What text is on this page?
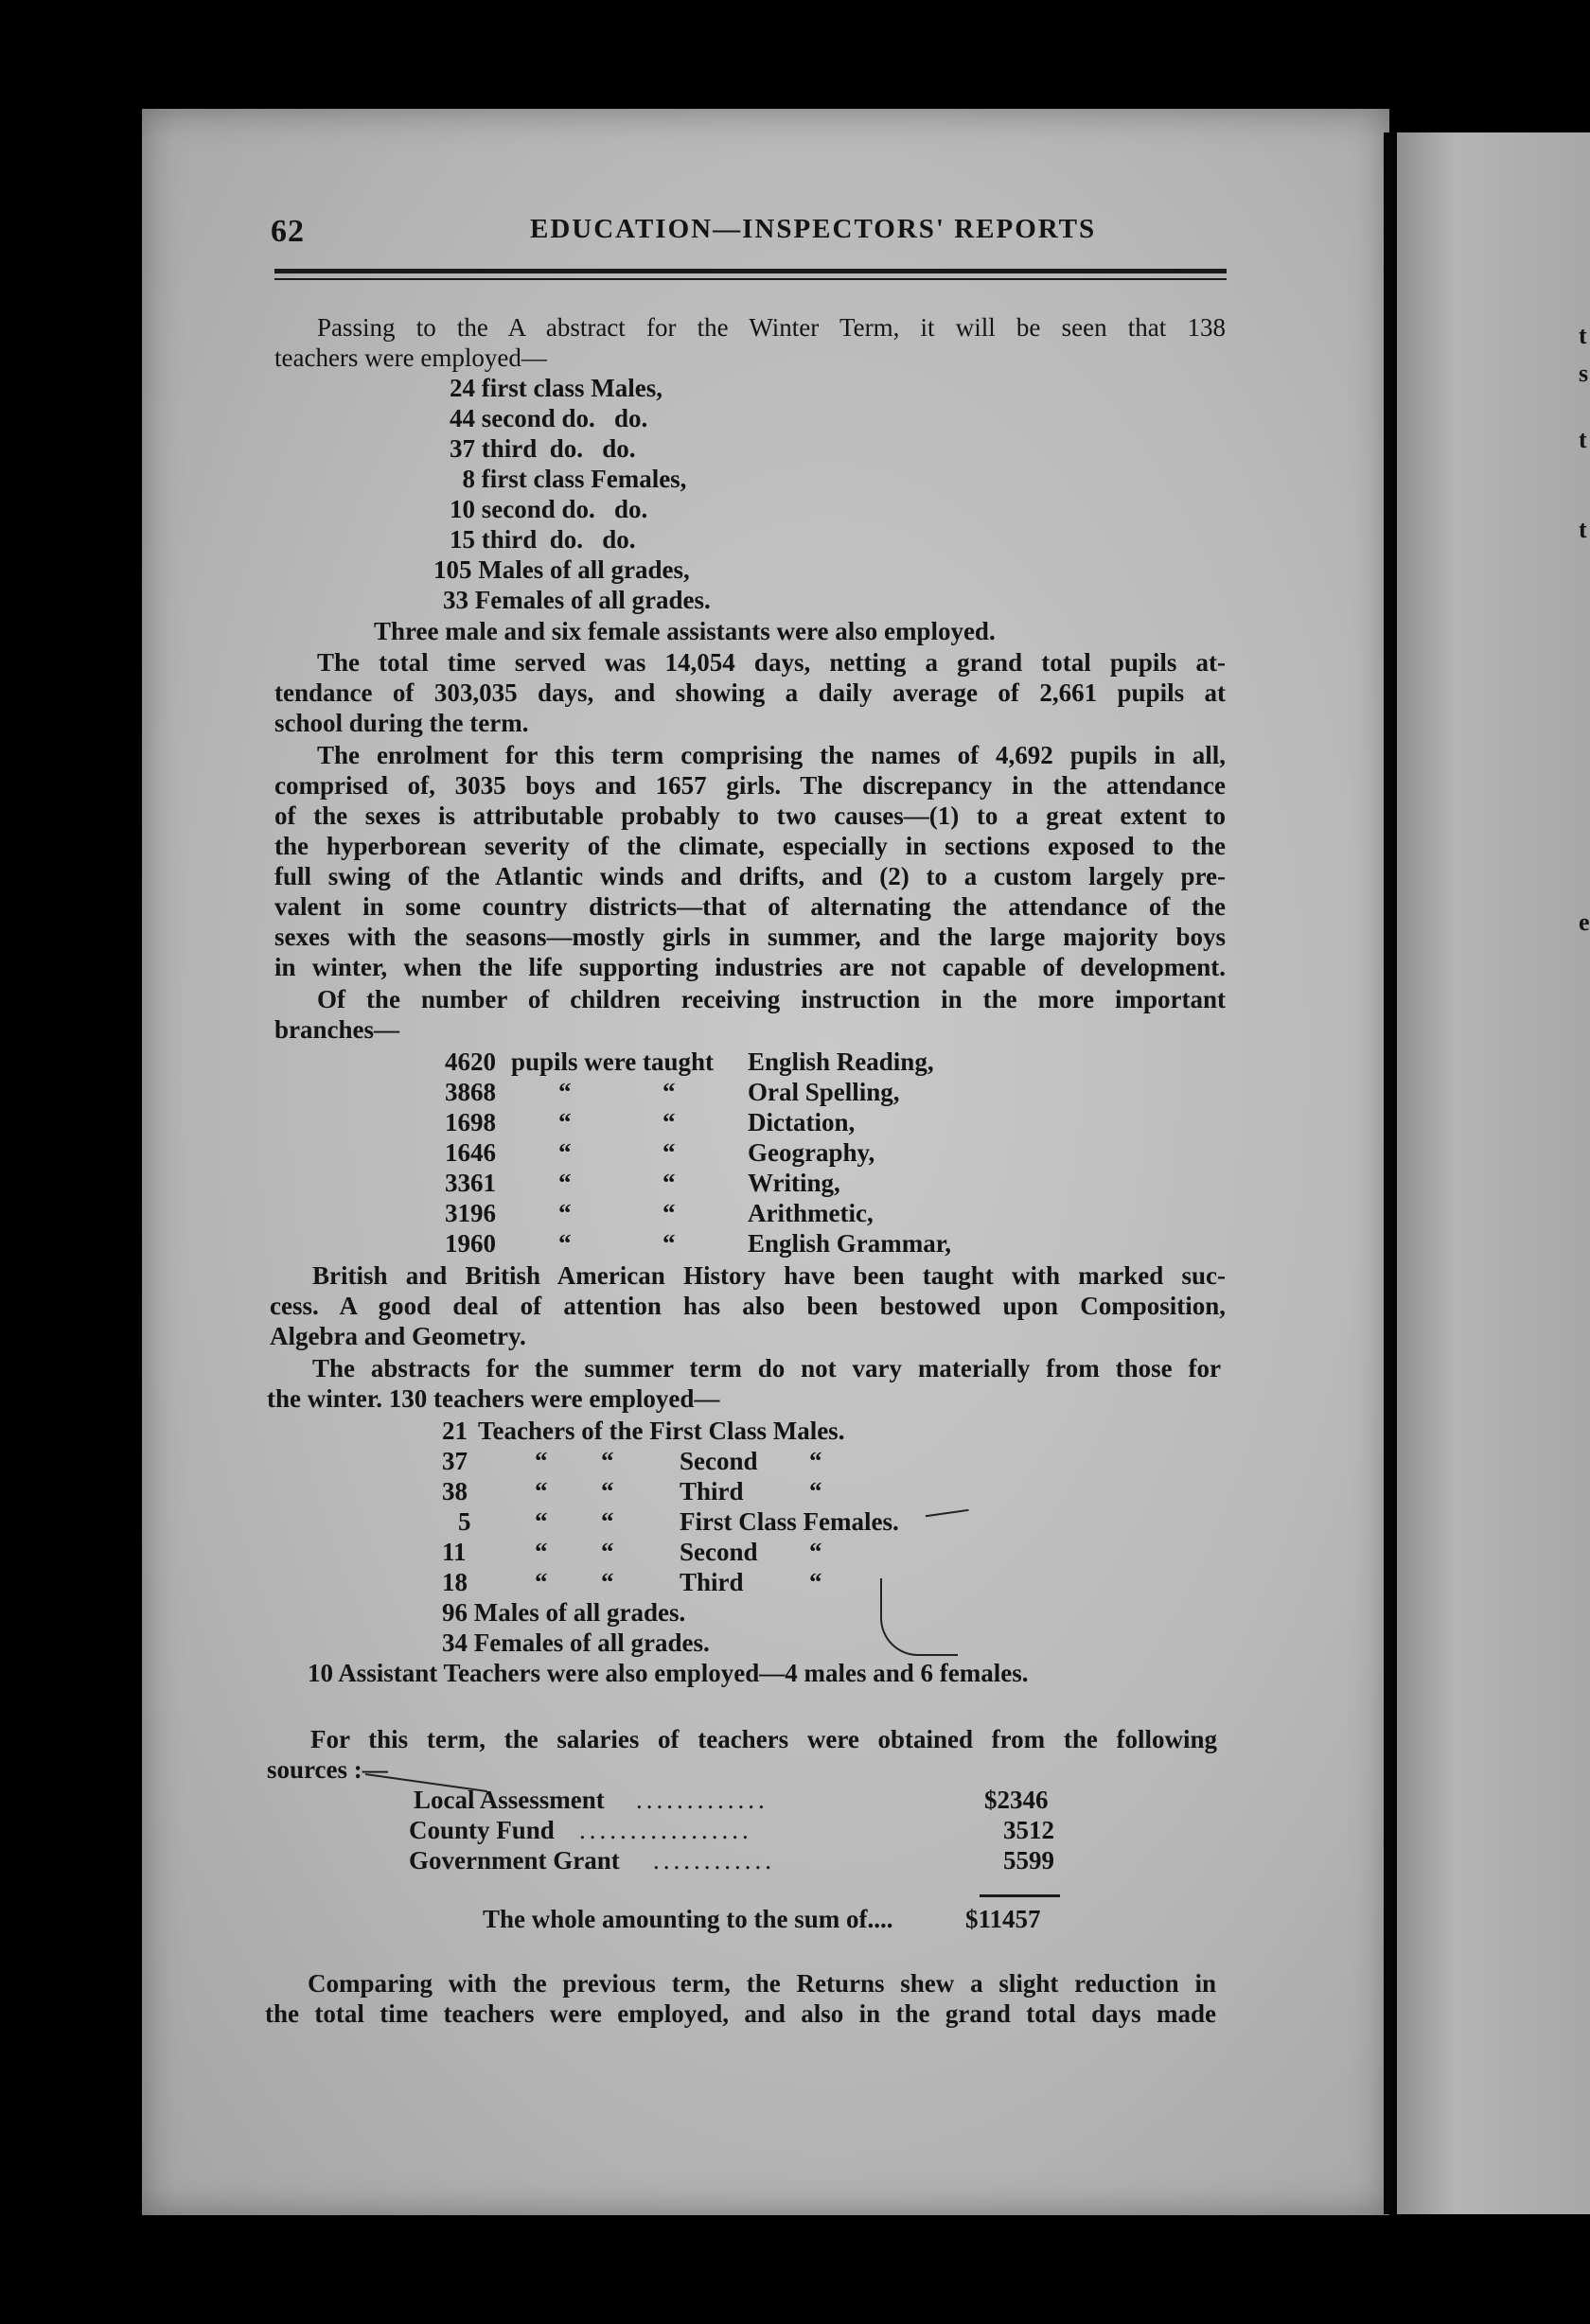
t
s
t
t
e
62	EDUCATION—INSPECTORS' REPORTS
Passing to the A abstract for the Winter Term, it will be seen that 138
teachers were employed—
24 first class Males,
44 second do.   do.
37 third  do.   do.
8 first class Females,
10 second do.   do.
15 third  do.   do.
105 Males of all grades,
33 Females of all grades.
Three male and six female assistants were also employed.
The total time served was 14,054 days, netting a grand total pupils at-
tendance of 303,035 days, and showing a daily average of 2,661 pupils at
school during the term.
The enrolment for this term comprising the names of 4,692 pupils in all,
comprised of, 3035 boys and 1657 girls. The discrepancy in the attendance
of the sexes is attributable probably to two causes—(1) to a great extent to
the hyperborean severity of the climate, especially in sections exposed to the
full swing of the Atlantic winds and drifts, and (2) to a custom largely pre-
valent in some country districts—that of alternating the attendance of the
sexes with the seasons—mostly girls in summer, and the large majority boys
in winter, when the life supporting industries are not capable of development.
Of the number of children receiving instruction in the more important
branches—
4620 pupils were taught English Reading,
3868 “	“	Oral Spelling,
1698 “	“	Dictation,
1646 “	“	Geography,
3361 “	“	Writing,
3196 “	“	Arithmetic,
1960 “	“	English Grammar,
British and British American History have been taught with marked suc-
cess. A good deal of attention has also been bestowed upon Composition,
Algebra and Geometry.
The abstracts for the summer term do not vary materially from those for
the winter. 130 teachers were employed—
21 Teachers of the First Class Males.
37	“ “	Second “
38	“ “	Third	“
5	“ “	First Class Females.
11	“ “	Second “
18	“ “	Third	“
96 Males of all grades.
34 Females of all grades.
10 Assistant Teachers were also employed—4 males and 6 females.
For this term, the salaries of teachers were obtained from the following
sources :—
Local Assessment .............	$2346
County Fund .................	3512
Government Grant ............	5599
The whole amounting to the sum of....	$11457
Comparing with the previous term, the Returns shew a slight reduction in
the total time teachers were employed, and also in the grand total days made
